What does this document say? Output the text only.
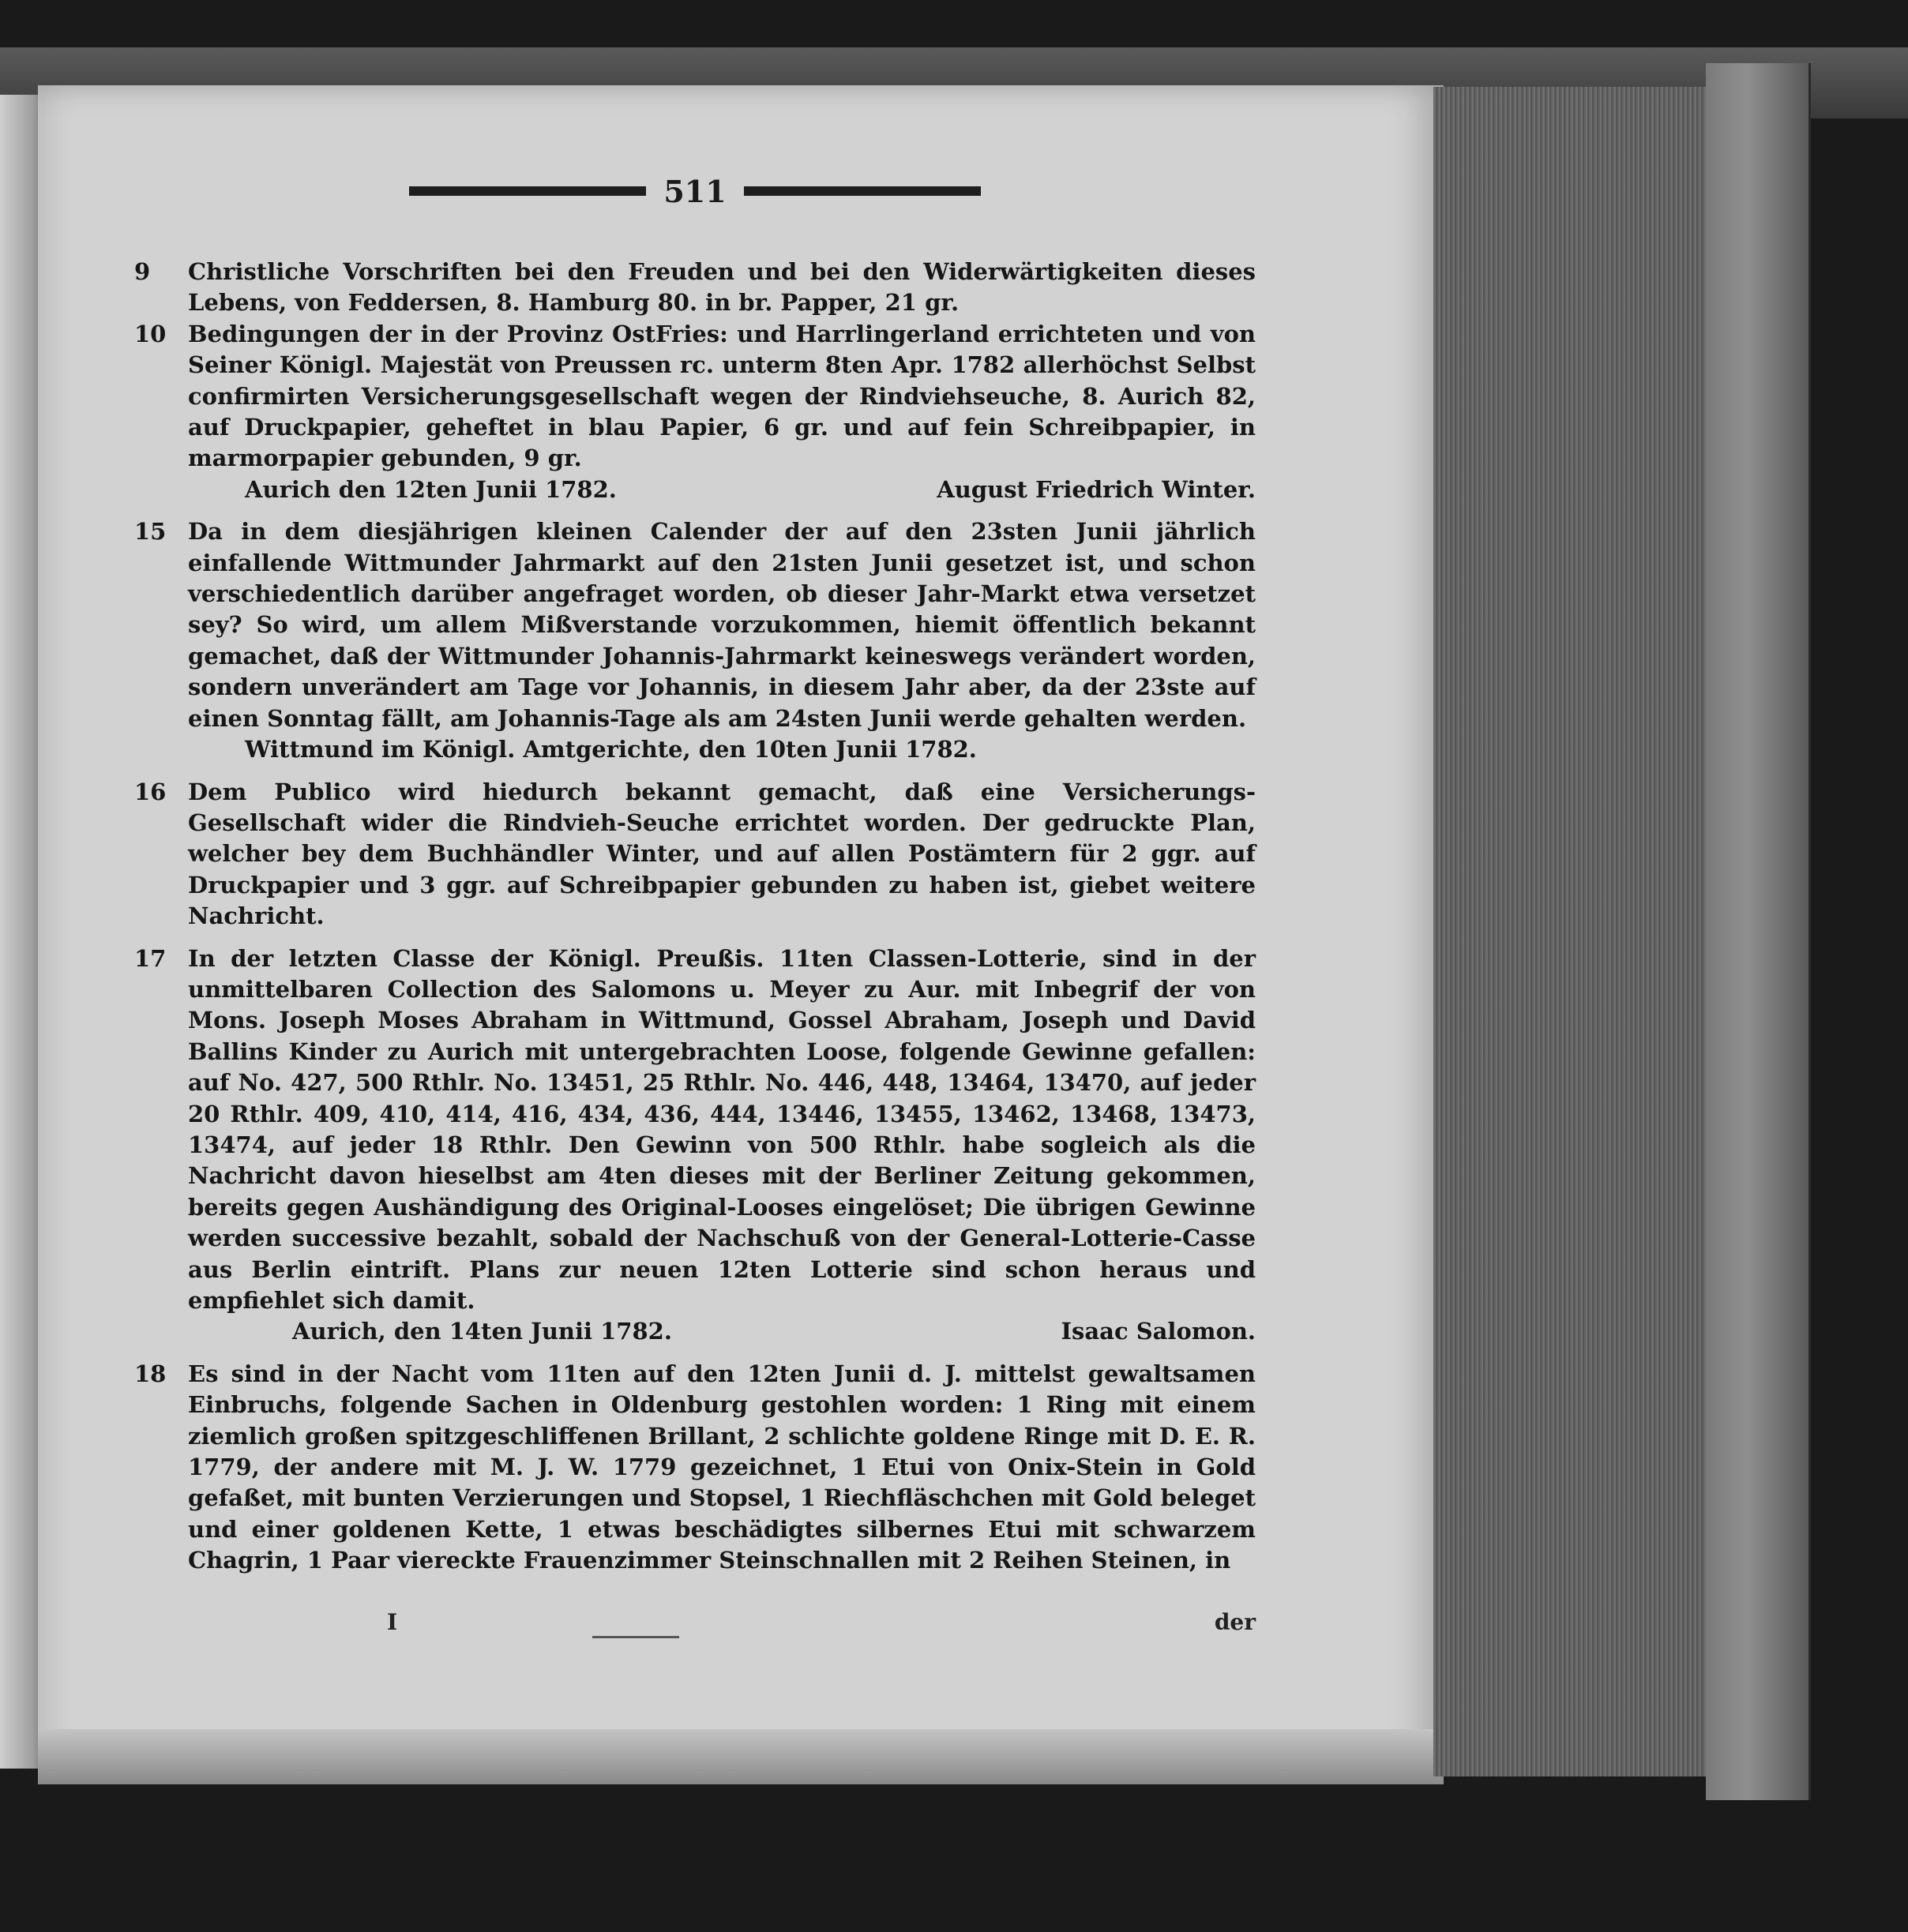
511
9	Christliche Vorschriften bei den Freuden und bei den Widerwärtigkeiten dieses Lebens, von Feddersen, 8. Hamburg 80. in br. Papper, 21 gr.
10 Bedingungen der in der Provinz OstFries: und Harrlingerland errichteten und von Seiner Königl. Majestät von Preussen rc. unterm 8ten Apr. 1782 allerhöchst Selbst confirmirten Versicherungsgesellschaft wegen der Rindviehseuche, 8. Aurich 82, auf Druckpapier, geheftet in blau Papier, 6 gr. und auf fein Schreibpapier, in marmorpapier gebunden, 9 gr.
Aurich den 12ten Junii 1782.	August Friedrich Winter.
15 Da in dem diesjährigen kleinen Calender der auf den 23sten Junii jährlich einfallende Wittmunder Jahrmarkt auf den 21sten Junii gesetzet ist, und schon verschiedentlich darüber angefraget worden, ob dieser Jahr-Markt etwa versetzet sey? So wird, um allem Mißverstande vorzukommen, hiemit öffentlich bekannt gemachet, daß der Wittmunder Johannis-Jahrmarkt keineswegs verändert worden, sondern unverändert am Tage vor Johannis, in diesem Jahr aber, da der 23ste auf einen Sonntag fällt, am Johannis-Tage als am 24sten Junii werde gehalten werden.
Wittmund im Königl. Amtgerichte, den 10ten Junii 1782.
16 Dem Publico wird hiedurch bekannt gemacht, daß eine Versicherungs-Gesellschaft wider die Rindvieh-Seuche errichtet worden. Der gedruckte Plan, welcher bey dem Buchhändler Winter, und auf allen Postämtern für 2 ggr. auf Druckpapier und 3 ggr. auf Schreibpapier gebunden zu haben ist, giebet weitere Nachricht.
17 In der letzten Classe der Königl. Preußis. 11ten Classen-Lotterie, sind in der unmittelbaren Collection des Salomons u. Meyer zu Aur. mit Inbegrif der von Mons. Joseph Moses Abraham in Wittmund, Gossel Abraham, Joseph und David Ballins Kinder zu Aurich mit untergebrachten Loose, folgende Gewinne gefallen: auf No. 427, 500 Rthlr. No. 13451, 25 Rthlr. No. 446, 448, 13464, 13470, auf jeder 20 Rthlr. 409, 410, 414, 416, 434, 436, 444, 13446, 13455, 13462, 13468, 13473, 13474, auf jeder 18 Rthlr. Den Gewinn von 500 Rthlr. habe sogleich als die Nachricht davon hieselbst am 4ten dieses mit der Berliner Zeitung gekommen, bereits gegen Aushändigung des Original-Looses eingelöset; Die übrigen Gewinne werden successive bezahlt, sobald der Nachschuß von der General-Lotterie-Casse aus Berlin eintrift. Plans zur neuen 12ten Lotterie sind schon heraus und empfiehlet sich damit.
Aurich, den 14ten Junii 1782.	Isaac Salomon.
18 Es sind in der Nacht vom 11ten auf den 12ten Junii d. J. mittelst gewaltsamen Einbruchs, folgende Sachen in Oldenburg gestohlen worden: 1 Ring mit einem ziemlich großen spitzgeschliffenen Brillant, 2 schlichte goldene Ringe mit D. E. R. 1779, der andere mit M. J. W. 1779 gezeichnet, 1 Etui von Onix-Stein in Gold gefaßet, mit bunten Verzierungen und Stopsel, 1 Riechfläschchen mit Gold beleget und einer goldenen Kette, 1 etwas beschädigtes silbernes Etui mit schwarzem Chagrin, 1 Paar viereckte Frauenzimmer Steinschnallen mit 2 Reihen Steinen, in
I	der
